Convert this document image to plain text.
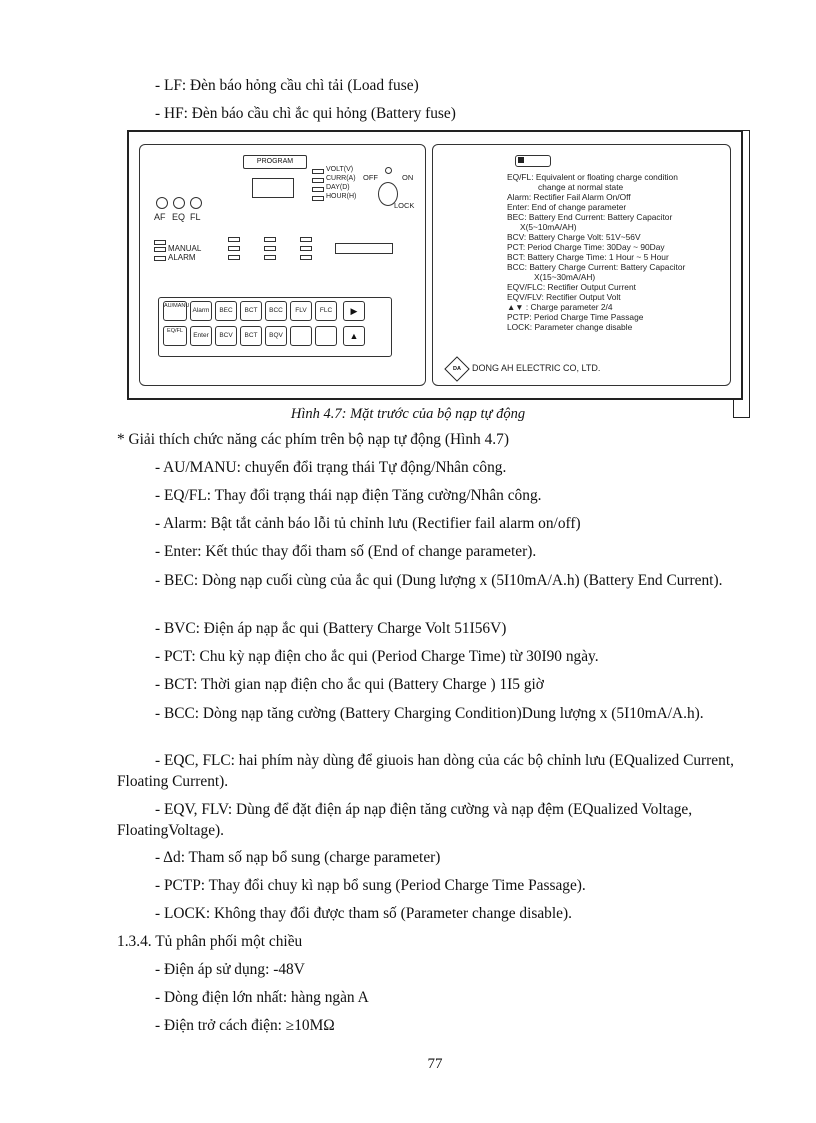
- LF: Đèn báo hỏng cầu chì tải (Load fuse)
- HF: Đèn báo cầu chì ắc qui hỏng (Battery fuse)
PROGRAM
VOLT(V)
CURR(A)
DAY(D)
HOUR(H)
OFF	ON
LOCK
AF EQ FL
MANUAL
ALARM
AU/MANU
Alarm	BEC	BCT	BCC	FLV	FLC	▶
EQ/FL
Enter	BCV	BCT	BQV	▲
EQ/FL: Equivalent or floating charge condition
change at normal state
Alarm: Rectifier Fail Alarm On/Off
Enter: End of change parameter
BEC: Battery End Current: Battery Capacitor
X(5~10mA/AH)
BCV: Battery Charge Volt: 51V~56V
PCT: Period Charge Time: 30Day ~ 90Day
BCT: Battery Charge Time: 1 Hour ~ 5 Hour
BCC: Battery Charge Current: Battery Capacitor
X(15~30mA/AH)
EQV/FLC: Rectifier Output Current
EQV/FLV: Rectifier Output Volt
▲▼ : Charge parameter 2/4
PCTP: Period Charge Time Passage
LOCK: Parameter change disable
DA	DONG AH ELECTRIC CO, LTD.
Hình 4.7: Mặt trước của bộ nạp tự động
* Giải thích chức năng các phím trên bộ nạp tự động (Hình 4.7)
- AU/MANU: chuyển đổi trạng thái Tự động/Nhân công.
- EQ/FL: Thay đổi trạng thái nạp điện Tăng cường/Nhân công.
- Alarm: Bật tắt cảnh báo lỗi tủ chỉnh lưu (Rectifier fail alarm on/off)
- Enter: Kết thúc thay đổi tham số (End of change parameter).
- BEC: Dòng nạp cuối cùng của ắc qui (Dung lượng x (5I10mA/A.h) (Battery End Current).
- BVC: Điện áp nạp ắc qui (Battery Charge Volt 51I56V)
- PCT: Chu kỳ nạp điện cho ắc qui (Period Charge Time) từ 30I90 ngày.
- BCT: Thời gian nạp điện cho ắc qui (Battery Charge ) 1I5 giờ
- BCC: Dòng nạp tăng cường (Battery Charging Condition)Dung lượng x (5I10mA/A.h).
- EQC, FLC: hai phím này dùng để giuois han dòng của các bộ chỉnh lưu (EQualized Current, Floating Current).
- EQV, FLV: Dùng để đặt điện áp nạp điện tăng cường và nạp đệm (EQualized Voltage, FloatingVoltage).
- Δd: Tham số nạp bổ sung (charge parameter)
- PCTP: Thay đổi chuy kì nạp bổ sung (Period Charge Time Passage).
- LOCK: Không thay đổi được tham số (Parameter change disable).
1.3.4. Tủ phân phối một chiều
- Điện áp sử dụng: -48V
- Dòng điện lớn nhất: hàng ngàn A
- Điện trở cách điện: ≥10MΩ
77
